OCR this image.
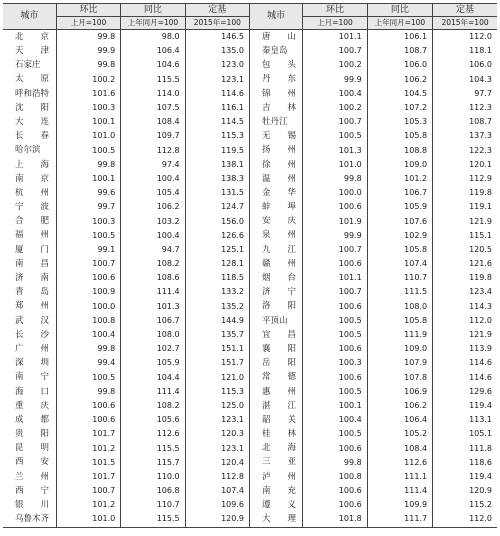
城市	环比	同比	定基	城市	环比	同比	定基
	上月=100	上年同月=100	2015年=100		上月=100	上年同月=100	2015年=100
北　　京	99.8	98.0	146.5	唐　　山	101.1	106.1	112.0
天　　津	99.9	106.4	135.0	秦皇岛	100.7	108.7	118.1
石家庄	99.8	104.6	123.0	包　　头	100.2	106.0	106.0
太　　原	100.2	115.5	123.1	丹　　东	99.9	106.2	104.3
呼和浩特	101.6	114.0	114.6	锦　　州	100.4	104.5	97.7
沈　　阳	100.3	107.5	116.1	吉　　林	100.2	107.2	112.3
大　　连	100.1	108.4	114.5	牡丹江	100.7	105.3	108.7
长　　春	101.0	109.7	115.3	无　　锡	100.5	105.8	137.3
哈尔滨	100.5	112.8	119.5	扬　　州	101.3	108.8	122.3
上　　海	99.8	97.4	138.1	徐　　州	101.0	109.0	120.1
南　　京	100.1	100.4	138.3	温　　州	99.8	101.2	112.9
杭　　州	99.6	105.4	131.5	金　　华	100.0	106.7	119.8
宁　　波	99.7	106.2	124.7	蚌　　埠	100.6	105.9	119.1
合　　肥	100.3	103.2	156.0	安　　庆	101.9	107.6	121.9
福　　州	100.5	100.4	126.6	泉　　州	99.9	102.9	115.1
厦　　门	99.1	94.7	125.1	九　　江	100.7	105.8	120.5
南　　昌	100.7	108.2	128.1	赣　　州	100.6	107.4	121.6
济　　南	100.6	108.6	118.5	烟　　台	101.1	110.7	119.8
青　　岛	100.9	111.4	133.2	济　　宁	100.7	111.5	123.4
郑　　州	100.0	101.3	135.2	洛　　阳	100.6	108.0	114.3
武　　汉	100.8	106.7	144.9	平顶山	100.5	105.8	112.0
长　　沙	100.4	108.0	135.7	宜　　昌	100.5	111.9	121.9
广　　州	99.8	102.7	151.1	襄　　阳	100.6	109.0	113.9
深　　圳	99.4	105.9	151.7	岳　　阳	100.3	107.9	114.6
南　　宁	100.5	104.4	121.0	常　　德	100.6	107.8	114.6
海　　口	99.8	111.4	115.3	惠　　州	100.5	106.9	129.6
重　　庆	100.6	108.2	125.0	湛　　江	100.1	106.2	119.4
成　　都	100.6	105.6	123.1	韶　　关	100.4	106.4	113.1
贵　　阳	101.7	112.6	120.3	桂　　林	100.5	105.2	105.1
昆　　明	101.2	115.5	123.1	北　　海	100.6	108.4	111.8
西　　安	101.5	115.7	120.4	三　　亚	99.8	112.6	118.6
兰　　州	101.7	110.0	112.8	泸　　州	100.8	111.1	119.4
西　　宁	100.7	106.8	107.4	南　　充	100.6	111.4	120.9
银　　川	101.2	110.7	109.6	遵　　义	100.6	109.9	115.2
乌鲁木齐	101.0	115.5	120.9	大　　理	101.8	111.7	112.0
